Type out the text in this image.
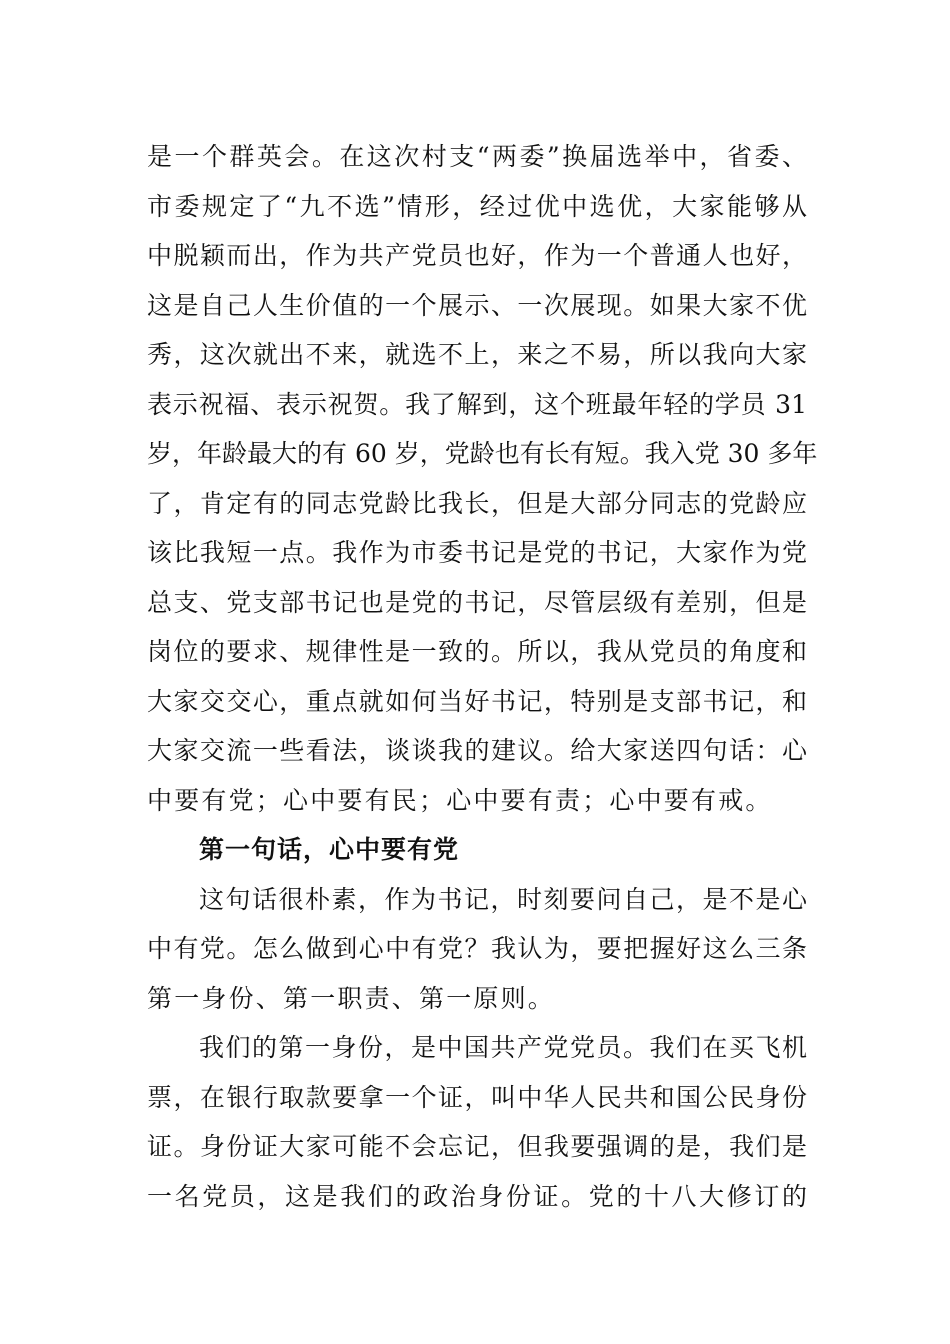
是一个群英会。在这次村支“两委”换届选举中，省委、
市委规定了“九不选”情形，经过优中选优，大家能够从
中脱颖而出，作为共产党员也好，作为一个普通人也好，
这是自己人生价值的一个展示、一次展现。如果大家不优
秀，这次就出不来，就选不上，来之不易，所以我向大家
表示祝福、表示祝贺。我了解到，这个班最年轻的学员 31
岁，年龄最大的有 60 岁，党龄也有长有短。我入党 30 多年
了，肯定有的同志党龄比我长，但是大部分同志的党龄应
该比我短一点。我作为市委书记是党的书记，大家作为党
总支、党支部书记也是党的书记，尽管层级有差别，但是
岗位的要求、规律性是一致的。所以，我从党员的角度和
大家交交心，重点就如何当好书记，特别是支部书记，和
大家交流一些看法，谈谈我的建议。给大家送四句话：心
中要有党；心中要有民；心中要有责；心中要有戒。
第一句话，心中要有党
这句话很朴素，作为书记，时刻要问自己，是不是心
中有党。怎么做到心中有党？我认为，要把握好这么三条
第一身份、第一职责、第一原则。
我们的第一身份，是中国共产党党员。我们在买飞机
票，在银行取款要拿一个证，叫中华人民共和国公民身份
证。身份证大家可能不会忘记，但我要强调的是，我们是
一名党员，这是我们的政治身份证。党的十八大修订的
